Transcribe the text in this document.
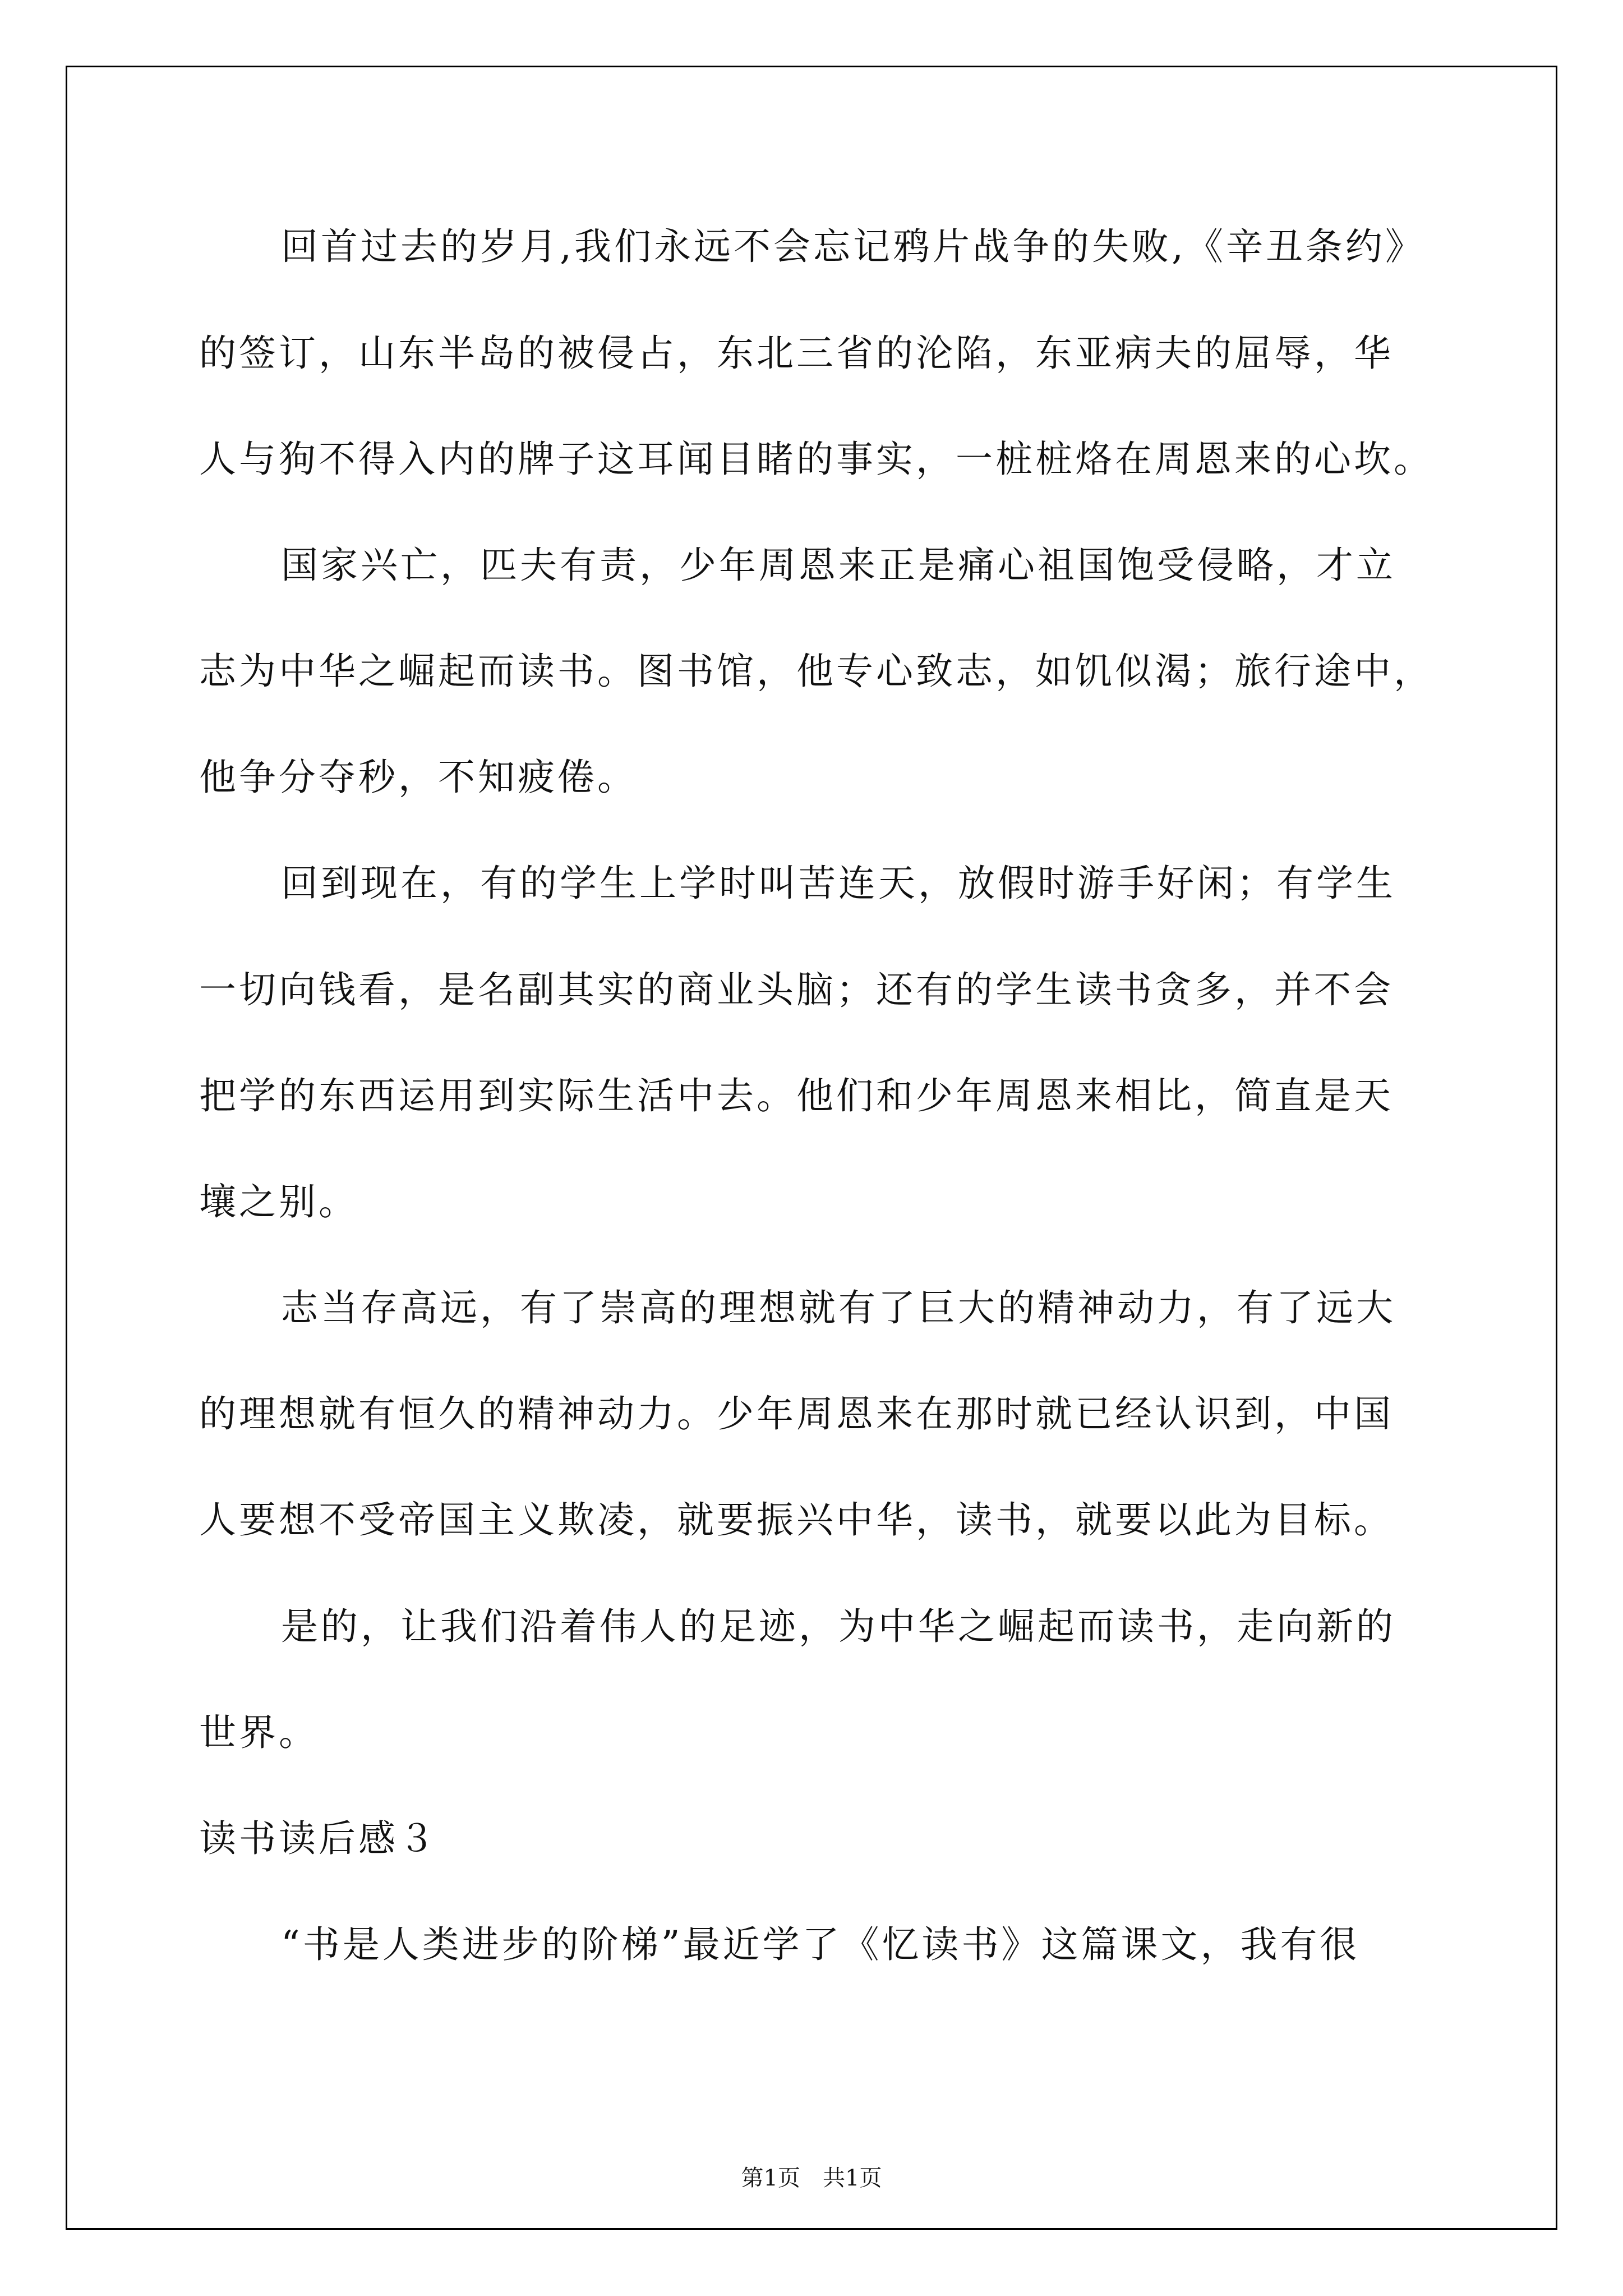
回首过去的岁月,我们永远不会忘记鸦片战争的失败,《辛丑条约》
的签订，山东半岛的被侵占，东北三省的沦陷，东亚病夫的屈辱，华
人与狗不得入内的牌子这耳闻目睹的事实，一桩桩烙在周恩来的心坎。
国家兴亡，匹夫有责，少年周恩来正是痛心祖国饱受侵略，才立
志为中华之崛起而读书。图书馆，他专心致志，如饥似渴；旅行途中，
他争分夺秒，不知疲倦。
回到现在，有的学生上学时叫苦连天，放假时游手好闲；有学生
一切向钱看，是名副其实的商业头脑；还有的学生读书贪多，并不会
把学的东西运用到实际生活中去。他们和少年周恩来相比，简直是天
壤之别。
志当存高远，有了崇高的理想就有了巨大的精神动力，有了远大
的理想就有恒久的精神动力。少年周恩来在那时就已经认识到，中国
人要想不受帝国主义欺凌，就要振兴中华，读书，就要以此为目标。
是的，让我们沿着伟人的足迹，为中华之崛起而读书，走向新的
世界。
读书读后感３
“书是人类进步的阶梯”最近学了《忆读书》这篇课文，我有很
第1页　共1页
